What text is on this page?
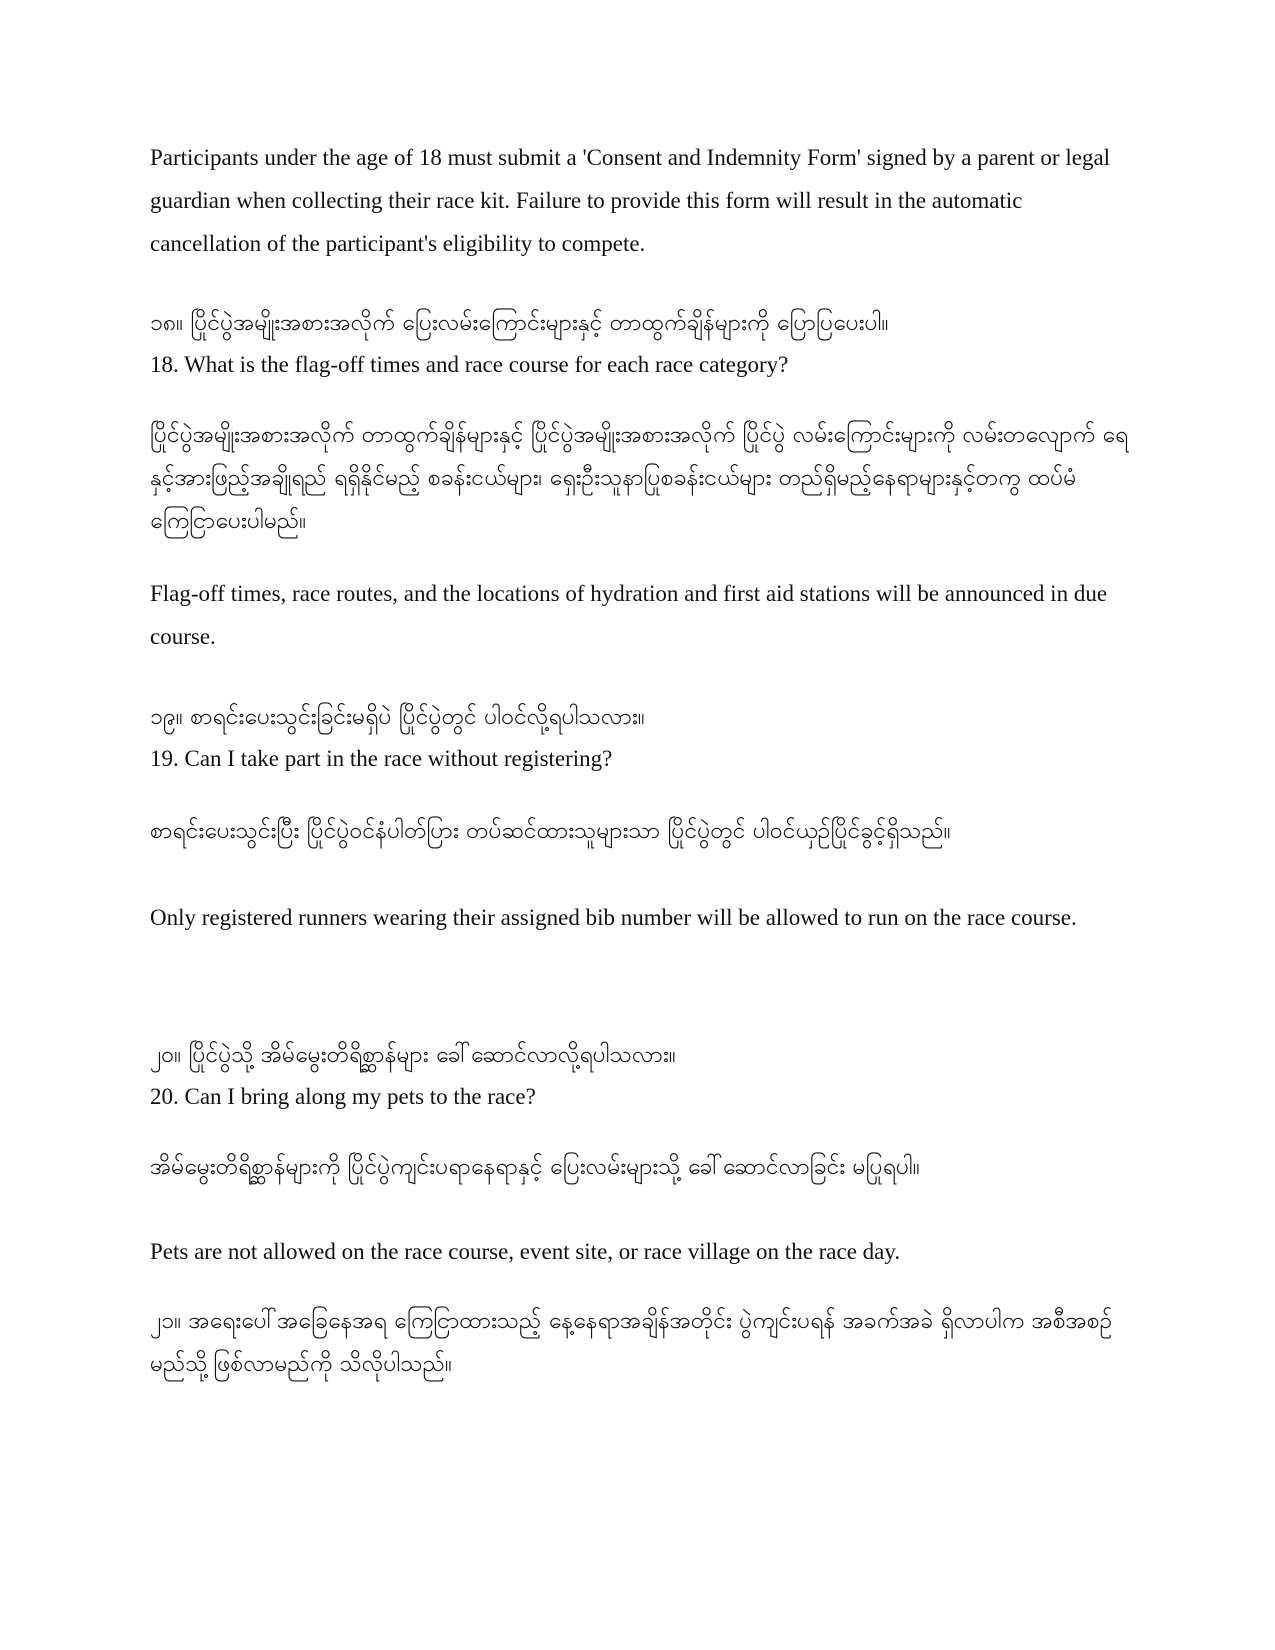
Participants under the age of 18 must submit a 'Consent and Indemnity Form' signed by a parent or legal guardian when collecting their race kit. Failure to provide this form will result in the automatic cancellation of the participant's eligibility to compete.

၁၈။ ပြိုင်ပွဲအမျိုးအစားအလိုက် ပြေးလမ်းကြောင်းများနှင့် တာထွက်ချိန်များကို ပြောပြပေးပါ။

18. What is the flag-off times and race course for each race category?

ပြိုင်ပွဲအမျိုးအစားအလိုက် တာထွက်ချိန်များနှင့် ပြိုင်ပွဲအမျိုးအစားအလိုက် ပြိုင်ပွဲ လမ်းကြောင်းများကို လမ်းတလျောက် ရေနှင့်အားဖြည့်အချိုရည် ရရှိနိုင်မည့် စခန်းငယ်များ၊ ရှေးဦးသူနာပြုစခန်းငယ်များ တည်ရှိမည့်နေရာများနှင့်တကွ ထပ်မံကြေငြာပေးပါမည်။

Flag-off times, race routes, and the locations of hydration and first aid stations will be announced in due course.

၁၉။ စာရင်းပေးသွင်းခြင်းမရှိပဲ ပြိုင်ပွဲတွင် ပါဝင်လို့ရပါသလား။

19. Can I take part in the race without registering?

စာရင်းပေးသွင်းပြီး ပြိုင်ပွဲဝင်နံပါတ်ပြား တပ်ဆင်ထားသူများသာ ပြိုင်ပွဲတွင် ပါဝင်ယှဉ်ပြိုင်ခွင့်ရှိသည်။

Only registered runners wearing their assigned bib number will be allowed to run on the race course.

၂၀။ ပြိုင်ပွဲသို့ အိမ်မွေးတိရိစ္ဆာန်များ ခေါ်ဆောင်လာလို့ရပါသလား။

20. Can I bring along my pets to the race?

အိမ်မွေးတိရိစ္ဆာန်များကို ပြိုင်ပွဲကျင်းပရာနေရာနှင့် ပြေးလမ်းများသို့ ခေါ်ဆောင်လာခြင်း မပြုရပါ။

Pets are not allowed on the race course, event site, or race village on the race day.

၂၁။ အရေးပေါ်အခြေနေအရ ကြေငြာထားသည့် နေ့နေရာအချိန်အတိုင်း ပွဲကျင်းပရန် အခက်အခဲ ရှိလာပါက အစီအစဉ် မည်သို့ဖြစ်လာမည်ကို သိလိုပါသည်။
